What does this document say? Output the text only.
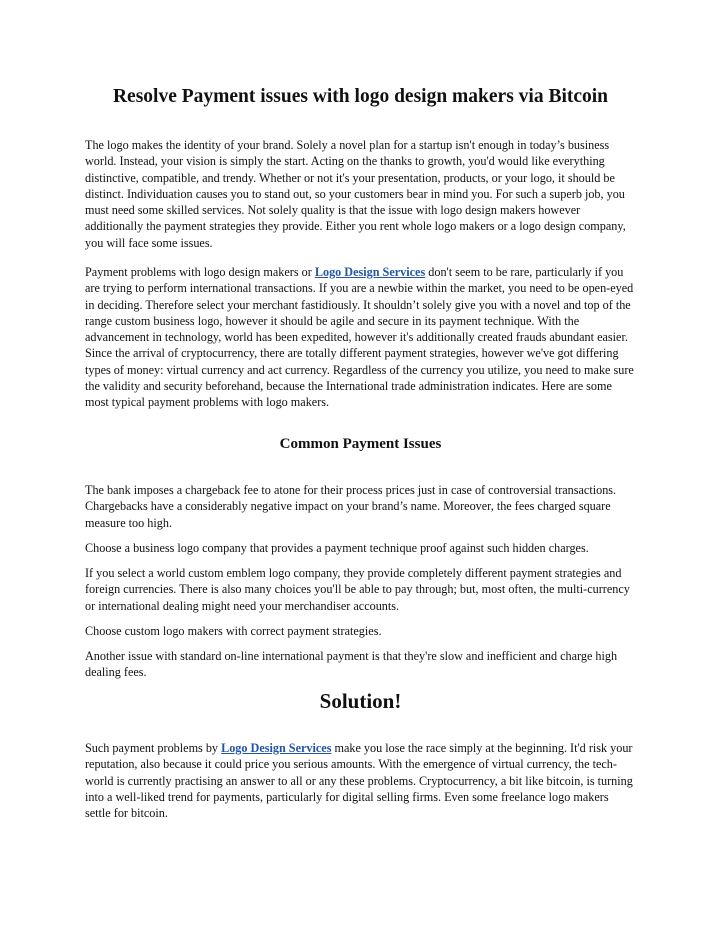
Resolve Payment issues with logo design makers via Bitcoin

The logo makes the identity of your brand. Solely a novel plan for a startup isn't enough in today’s business world. Instead, your vision is simply the start. Acting on the thanks to growth, you'd would like everything distinctive, compatible, and trendy. Whether or not it's your presentation, products, or your logo, it should be distinct. Individuation causes you to stand out, so your customers bear in mind you. For such a superb job, you must need some skilled services. Not solely quality is that the issue with logo design makers however additionally the payment strategies they provide. Either you rent whole logo makers or a logo design company, you will face some issues.

Payment problems with logo design makers or Logo Design Services don't seem to be rare, particularly if you are trying to perform international transactions. If you are a newbie within the market, you need to be open-eyed in deciding. Therefore select your merchant fastidiously. It shouldn’t solely give you with a novel and top of the range custom business logo, however it should be agile and secure in its payment technique. With the advancement in technology, world has been expedited, however it's additionally created frauds abundant easier. Since the arrival of cryptocurrency, there are totally different payment strategies, however we've got differing types of money: virtual currency and act currency. Regardless of the currency you utilize, you need to make sure the validity and security beforehand, because the International trade administration indicates. Here are some most typical payment problems with logo makers.

Common Payment Issues

The bank imposes a chargeback fee to atone for their process prices just in case of controversial transactions. Chargebacks have a considerably negative impact on your brand’s name. Moreover, the fees charged square measure too high.

Choose a business logo company that provides a payment technique proof against such hidden charges.

If you select a world custom emblem logo company, they provide completely different payment strategies and foreign currencies. There is also many choices you'll be able to pay through; but, most often, the multi-currency or international dealing might need your merchandiser accounts.

Choose custom logo makers with correct payment strategies.

Another issue with standard on-line international payment is that they're slow and inefficient and charge high dealing fees.

Solution!

Such payment problems by Logo Design Services make you lose the race simply at the beginning. It'd risk your reputation, also because it could price you serious amounts. With the emergence of virtual currency, the tech-world is currently practising an answer to all or any these problems. Cryptocurrency, a bit like bitcoin, is turning into a well-liked trend for payments, particularly for digital selling firms. Even some freelance logo makers settle for bitcoin.
